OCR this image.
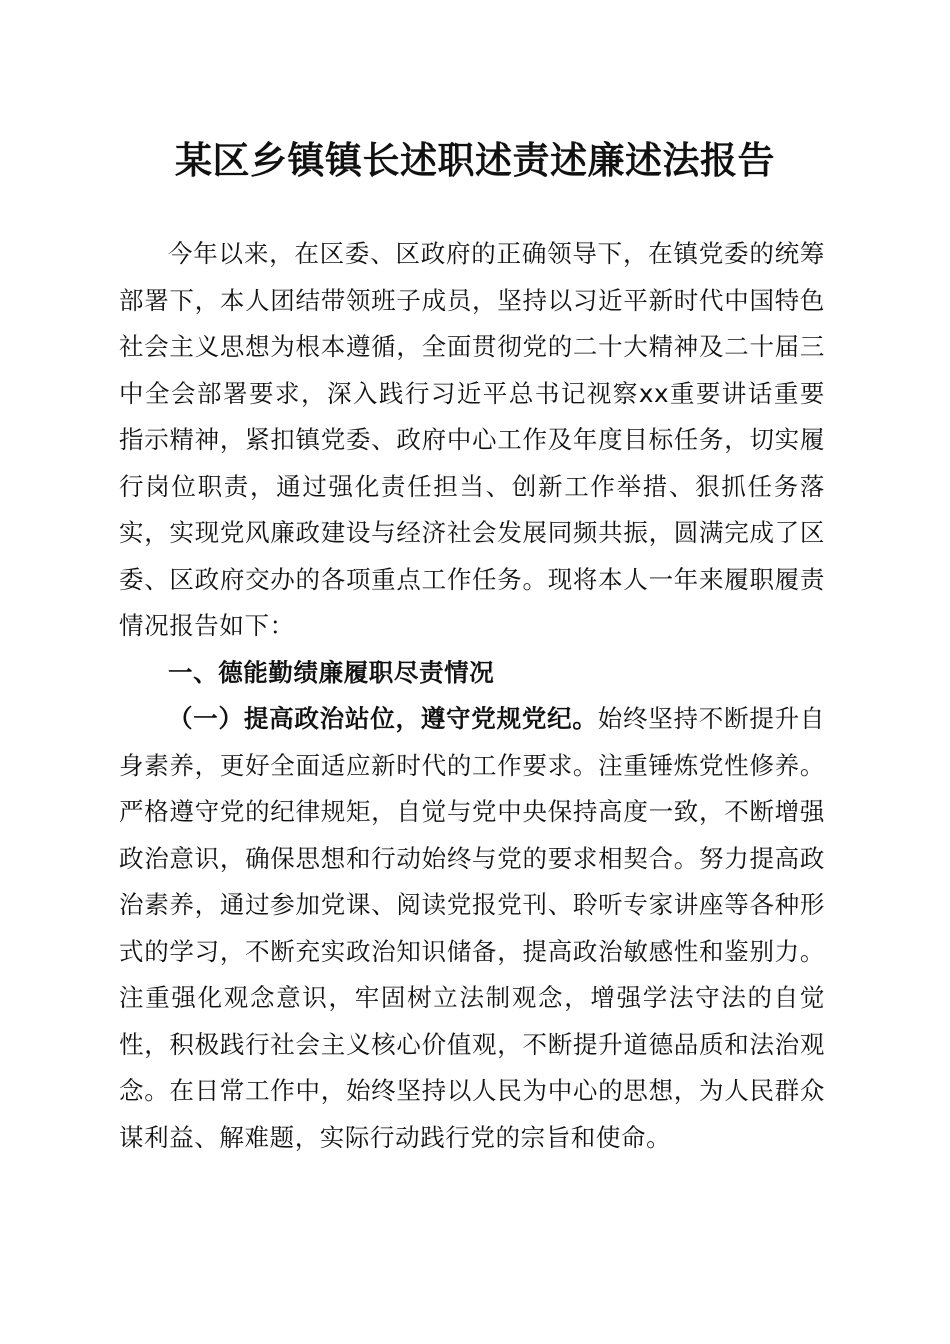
某区乡镇镇长述职述责述廉述法报告

今年以来，在区委、区政府的正确领导下，在镇党委的统筹部署下，本人团结带领班子成员，坚持以习近平新时代中国特色社会主义思想为根本遵循，全面贯彻党的二十大精神及二十届三中全会部署要求，深入践行习近平总书记视察xx重要讲话重要指示精神，紧扣镇党委、政府中心工作及年度目标任务，切实履行岗位职责，通过强化责任担当、创新工作举措、狠抓任务落实，实现党风廉政建设与经济社会发展同频共振，圆满完成了区委、区政府交办的各项重点工作任务。现将本人一年来履职履责情况报告如下：

一、德能勤绩廉履职尽责情况

（一）提高政治站位，遵守党规党纪。始终坚持不断提升自身素养，更好全面适应新时代的工作要求。注重锤炼党性修养。严格遵守党的纪律规矩，自觉与党中央保持高度一致，不断增强政治意识，确保思想和行动始终与党的要求相契合。努力提高政治素养，通过参加党课、阅读党报党刊、聆听专家讲座等各种形式的学习，不断充实政治知识储备，提高政治敏感性和鉴别力。注重强化观念意识，牢固树立法制观念，增强学法守法的自觉性，积极践行社会主义核心价值观，不断提升道德品质和法治观念。在日常工作中，始终坚持以人民为中心的思想，为人民群众谋利益、解难题，实际行动践行党的宗旨和使命。
